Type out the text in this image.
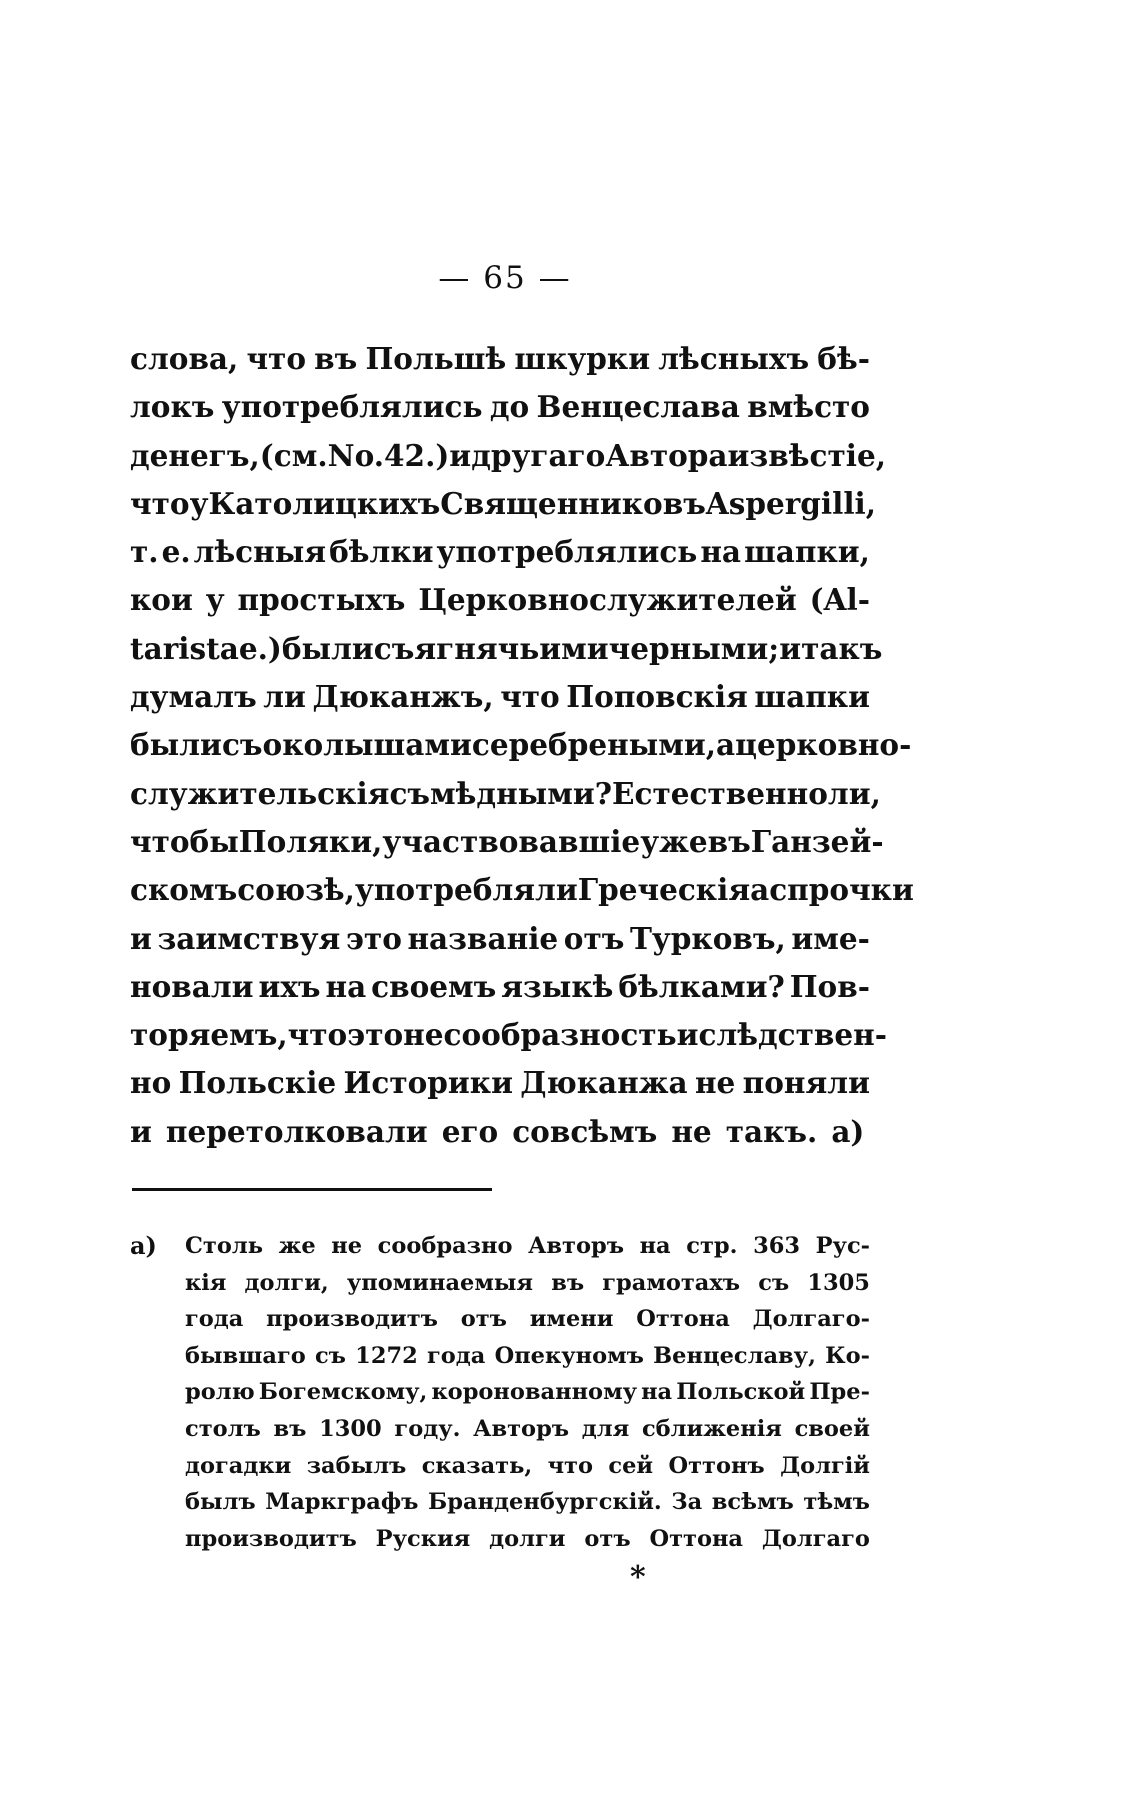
— 65 —
слова, что въ Польшѣ шкурки лѣсныхъ бѣ-
локъ употреблялись до Венцеслава вмѣсто
денегъ, (см. No. 42.) и другаго Автора извѣстіе,
что у Католицкихъ Священниковъ Aspergilli,
т. е. лѣсныя бѣлки употреблялись на шапки,
кои у простыхъ Церковнослужителей (Al-
taristae.) были съ ягнячьими черными; и такъ
думалъ ли Дюканжъ, что Поповскія шапки
были съ околышами серебреными, а церковно-
служительскія съ мѣдными? Естественноли,
чтобы Поляки, участвовавшіе уже въ Ганзей-
скомъ союзѣ, употребляли Греческія аспрочки
и заимствуя это названіе отъ Турковъ, име-
новали ихъ на своемъ языкѣ бѣлками? Пов-
торяемъ, что это несообразность и слѣдствен-
но Польскіе Историки Дюканжа не поняли
и перетолковали его совсѣмъ не такъ. а)
а) Столь же не сообразно Авторъ на стр. 363 Рус-
кія долги, упоминаемыя въ грамотахъ съ 1305
года производитъ отъ имени Оттона Долгаго-
бывшаго съ 1272 года Опекуномъ Венцеславу, Ко-
ролю Богемскому, коронованному на Польской Пре-
столъ въ 1300 году. Авторъ для сближенія своей
догадки забылъ сказать, что сей Оттонъ Долгій
былъ Маркграфъ Бранденбургскій. За всѣмъ тѣмъ
производитъ Руския долги отъ Оттона Долгаго
*
